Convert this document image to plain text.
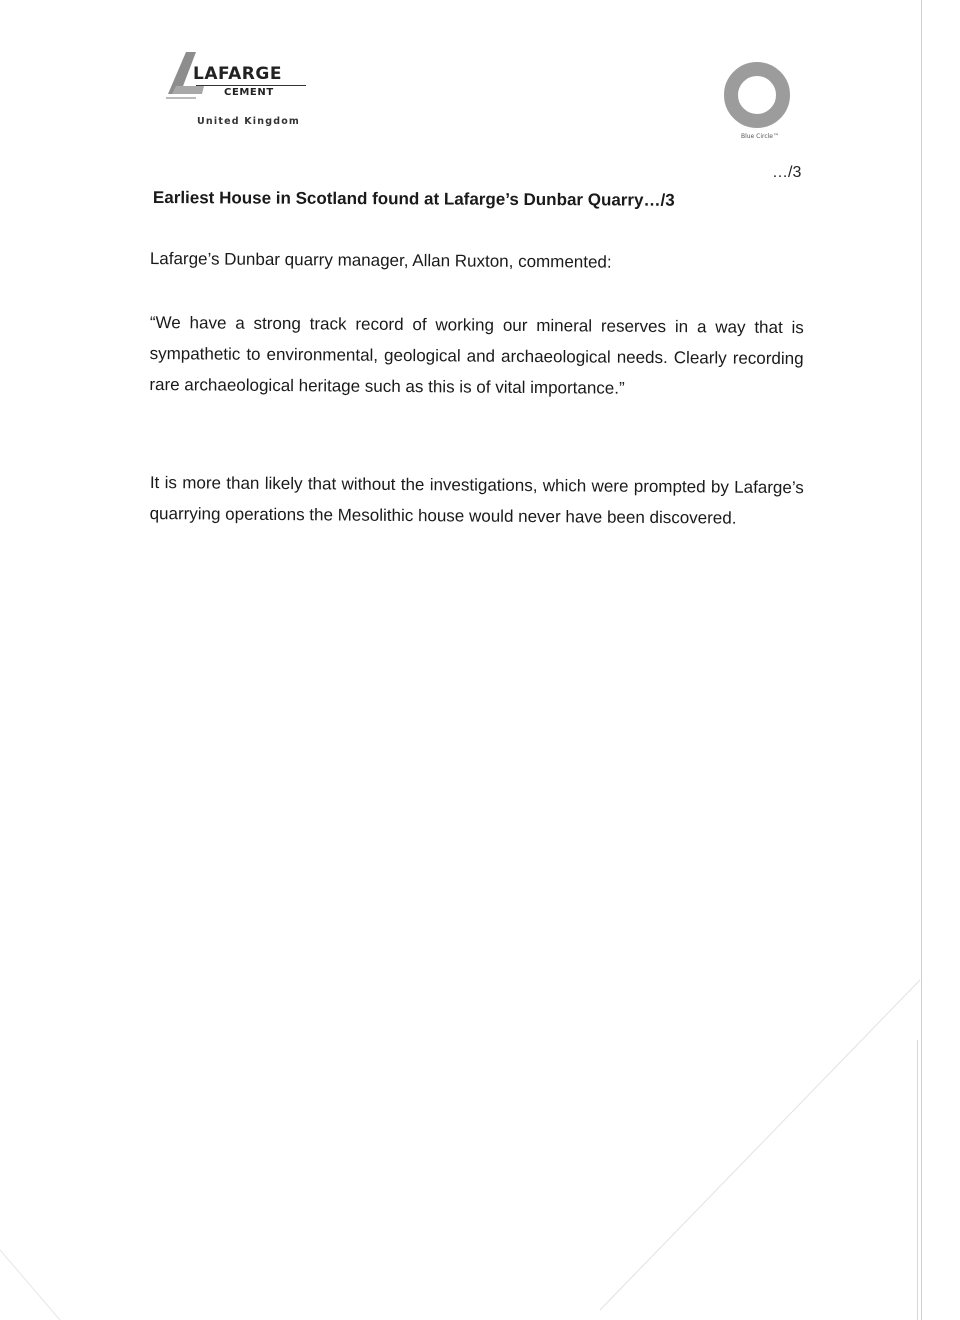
LAFARGE
CEMENT
United Kingdom
Blue Circle™
…/3
Earliest House in Scotland found at Lafarge’s Dunbar Quarry…/3
Lafarge’s Dunbar quarry manager, Allan Ruxton, commented:
“We have a strong track record of working our mineral reserves in a way that is sympathetic to environmental, geological and archaeological needs. Clearly recording rare archaeological heritage such as this is of vital importance.”
It is more than likely that without the investigations, which were prompted by Lafarge’s quarrying operations the Mesolithic house would never have been discovered.
